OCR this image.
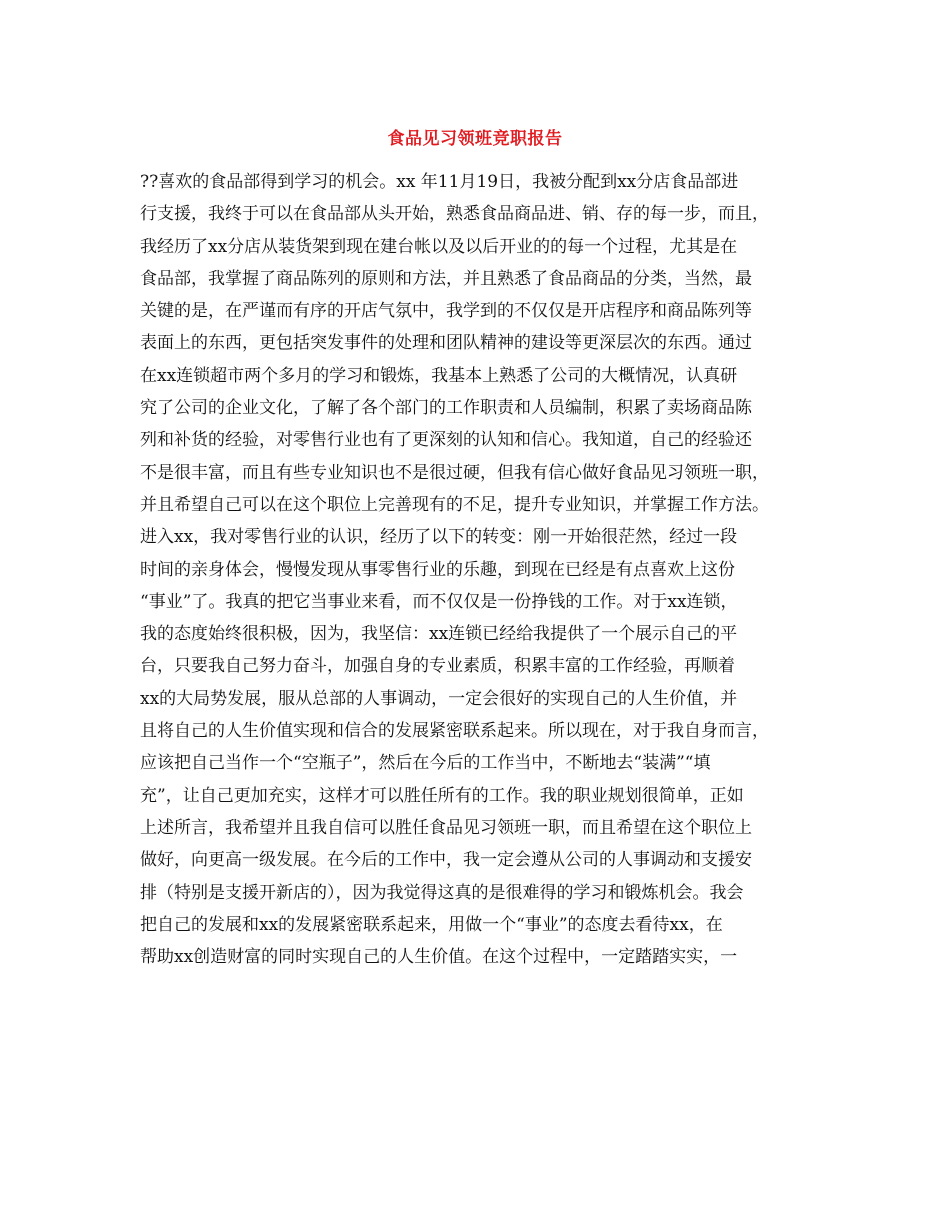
食品见习领班竞职报告
??喜欢的食品部得到学习的机会。xx 年11月19日，我被分配到xx分店食品部进
行支援，我终于可以在食品部从头开始，熟悉食品商品进、销、存的每一步，而且，
我经历了xx分店从装货架到现在建台帐以及以后开业的的每一个过程，尤其是在
食品部，我掌握了商品陈列的原则和方法，并且熟悉了食品商品的分类，当然，最
关键的是，在严谨而有序的开店气氛中，我学到的不仅仅是开店程序和商品陈列等
表面上的东西，更包括突发事件的处理和团队精神的建设等更深层次的东西。通过
在xx连锁超市两个多月的学习和锻炼，我基本上熟悉了公司的大概情况，认真研
究了公司的企业文化，了解了各个部门的工作职责和人员编制，积累了卖场商品陈
列和补货的经验，对零售行业也有了更深刻的认知和信心。我知道，自己的经验还
不是很丰富，而且有些专业知识也不是很过硬，但我有信心做好食品见习领班一职，
并且希望自己可以在这个职位上完善现有的不足，提升专业知识，并掌握工作方法。
进入xx，我对零售行业的认识，经历了以下的转变：刚一开始很茫然，经过一段
时间的亲身体会，慢慢发现从事零售行业的乐趣，到现在已经是有点喜欢上这份
“事业”了。我真的把它当事业来看，而不仅仅是一份挣钱的工作。对于xx连锁，
我的态度始终很积极，因为，我坚信：xx连锁已经给我提供了一个展示自己的平
台，只要我自己努力奋斗，加强自身的专业素质，积累丰富的工作经验，再顺着
xx的大局势发展，服从总部的人事调动，一定会很好的实现自己的人生价值，并
且将自己的人生价值实现和信合的发展紧密联系起来。所以现在，对于我自身而言，
应该把自己当作一个“空瓶子”，然后在今后的工作当中，不断地去“装满”“填
充”，让自己更加充实，这样才可以胜任所有的工作。我的职业规划很简单，正如
上述所言，我希望并且我自信可以胜任食品见习领班一职，而且希望在这个职位上
做好，向更高一级发展。在今后的工作中，我一定会遵从公司的人事调动和支援安
排（特别是支援开新店的），因为我觉得这真的是很难得的学习和锻炼机会。我会
把自己的发展和xx的发展紧密联系起来，用做一个“事业”的态度去看待xx，在
帮助xx创造财富的同时实现自己的人生价值。在这个过程中，一定踏踏实实，一
